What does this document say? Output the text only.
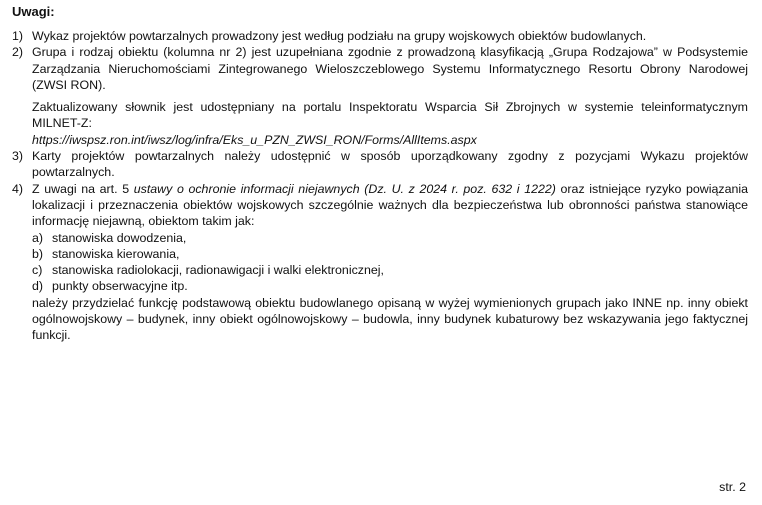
Uwagi:
1) Wykaz projektów powtarzalnych prowadzony jest według podziału na grupy wojskowych obiektów budowlanych.
2) Grupa i rodzaj obiektu (kolumna nr 2) jest uzupełniana zgodnie z prowadzoną klasyfikacją „Grupa Rodzajowa” w Podsystemie Zarządzania Nieruchomościami Zintegrowanego Wieloszczeblowego Systemu Informatycznego Resortu Obrony Narodowej (ZWSI RON).
Zaktualizowany słownik jest udostępniany na portalu Inspektoratu Wsparcia Sił Zbrojnych w systemie teleinformatycznym MILNET-Z:
https://iwspsz.ron.int/iwsz/log/infra/Eks_u_PZN_ZWSI_RON/Forms/AllItems.aspx
3) Karty projektów powtarzalnych należy udostępnić w sposób uporządkowany zgodny z pozycjami Wykazu projektów powtarzalnych.
4) Z uwagi na art. 5 ustawy o ochronie informacji niejawnych (Dz. U. z 2024 r. poz. 632 i 1222) oraz istniejące ryzyko powiązania lokalizacji i przeznaczenia obiektów wojskowych szczególnie ważnych dla bezpieczeństwa lub obronności państwa stanowiące informację niejawną, obiektom takim jak:
a) stanowiska dowodzenia,
b) stanowiska kierowania,
c) stanowiska radiolokacji, radionawigacji i walki elektronicznej,
d) punkty obserwacyjne itp.
należy przydzielać funkcję podstawową obiektu budowlanego opisaną w wyżej wymienionych grupach jako INNE np. inny obiekt ogólnowojskowy – budynek, inny obiekt ogólnowojskowy – budowla, inny budynek kubaturowy bez wskazywania jego faktycznej funkcji.
str. 2
